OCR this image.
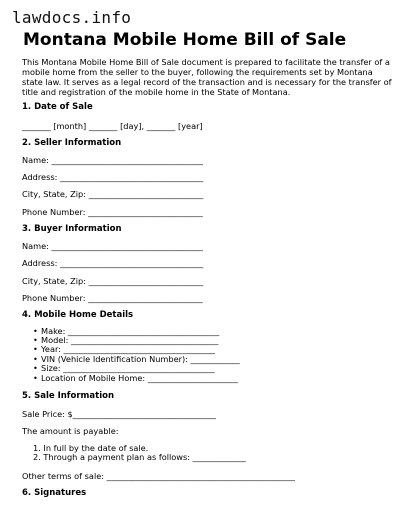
lawdocs.info
Montana Mobile Home Bill of Sale
This Montana Mobile Home Bill of Sale document is prepared to facilitate the transfer of a mobile home from the seller to the buyer, following the requirements set by Montana state law. It serves as a legal record of the transaction and is necessary for the transfer of title and registration of the mobile home in the State of Montana.
1. Date of Sale
_______ [month] _______ [day], _______ [year]
2. Seller Information
Name: _____________________________________
Address: ___________________________________
City, State, Zip: ____________________________
Phone Number: ____________________________
3. Buyer Information
Name: _____________________________________
Address: ___________________________________
City, State, Zip: ____________________________
Phone Number: ____________________________
4. Mobile Home Details
• Make: _____________________________________
• Model: ____________________________________
• Year: _____________________________________
• VIN (Vehicle Identification Number): ____________
• Size: _____________________________________
• Location of Mobile Home: ______________________
5. Sale Information
Sale Price: $___________________________________
The amount is payable:
1. In full by the date of sale.
2. Through a payment plan as follows: _____________
Other terms of sale: ______________________________________________
6. Signatures
